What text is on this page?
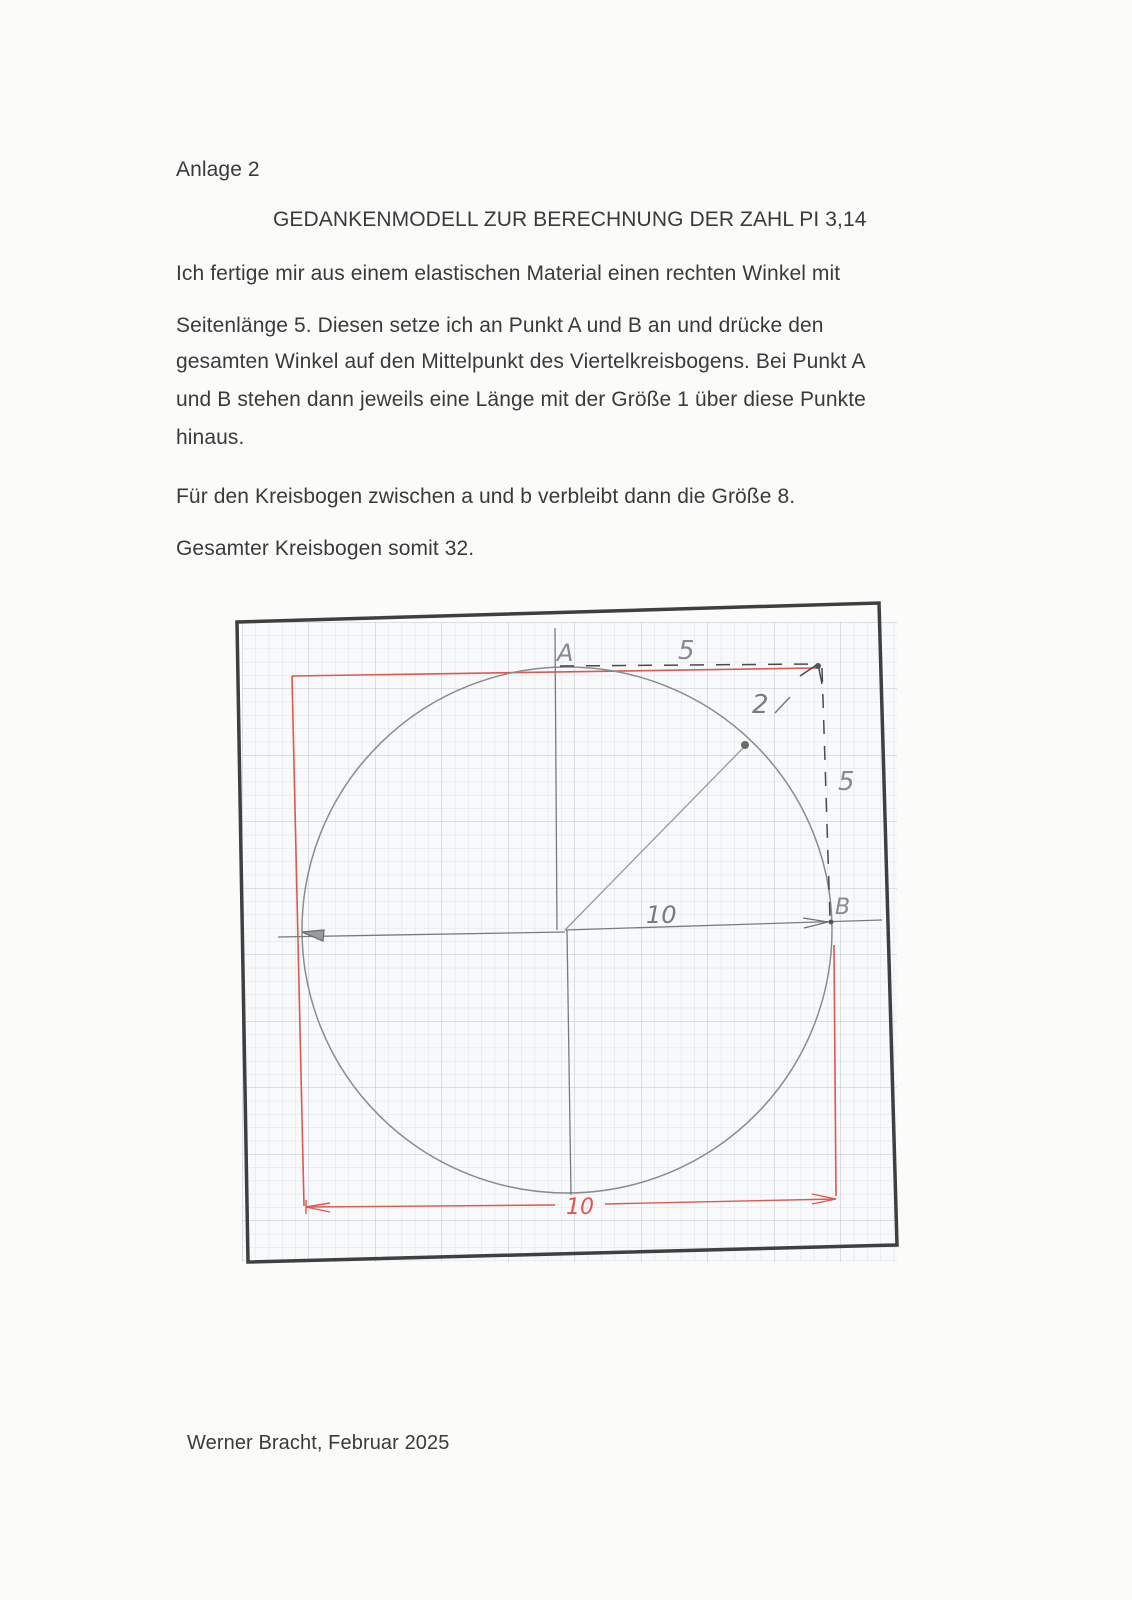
Anlage 2
GEDANKENMODELL ZUR BERECHNUNG DER ZAHL PI 3,14
Ich fertige mir aus einem elastischen Material einen rechten Winkel mit
Seitenlänge 5. Diesen setze ich an Punkt A und B an und drücke den
gesamten Winkel auf den Mittelpunkt des Viertelkreisbogens. Bei Punkt A
und B stehen dann jeweils eine Länge mit der Größe 1 über diese Punkte
hinaus.
Für den Kreisbogen zwischen a und b verbleibt dann die Größe 8.
Gesamter Kreisbogen somit 32.
10
10
2
A
B
5
5
Werner Bracht, Februar 2025
